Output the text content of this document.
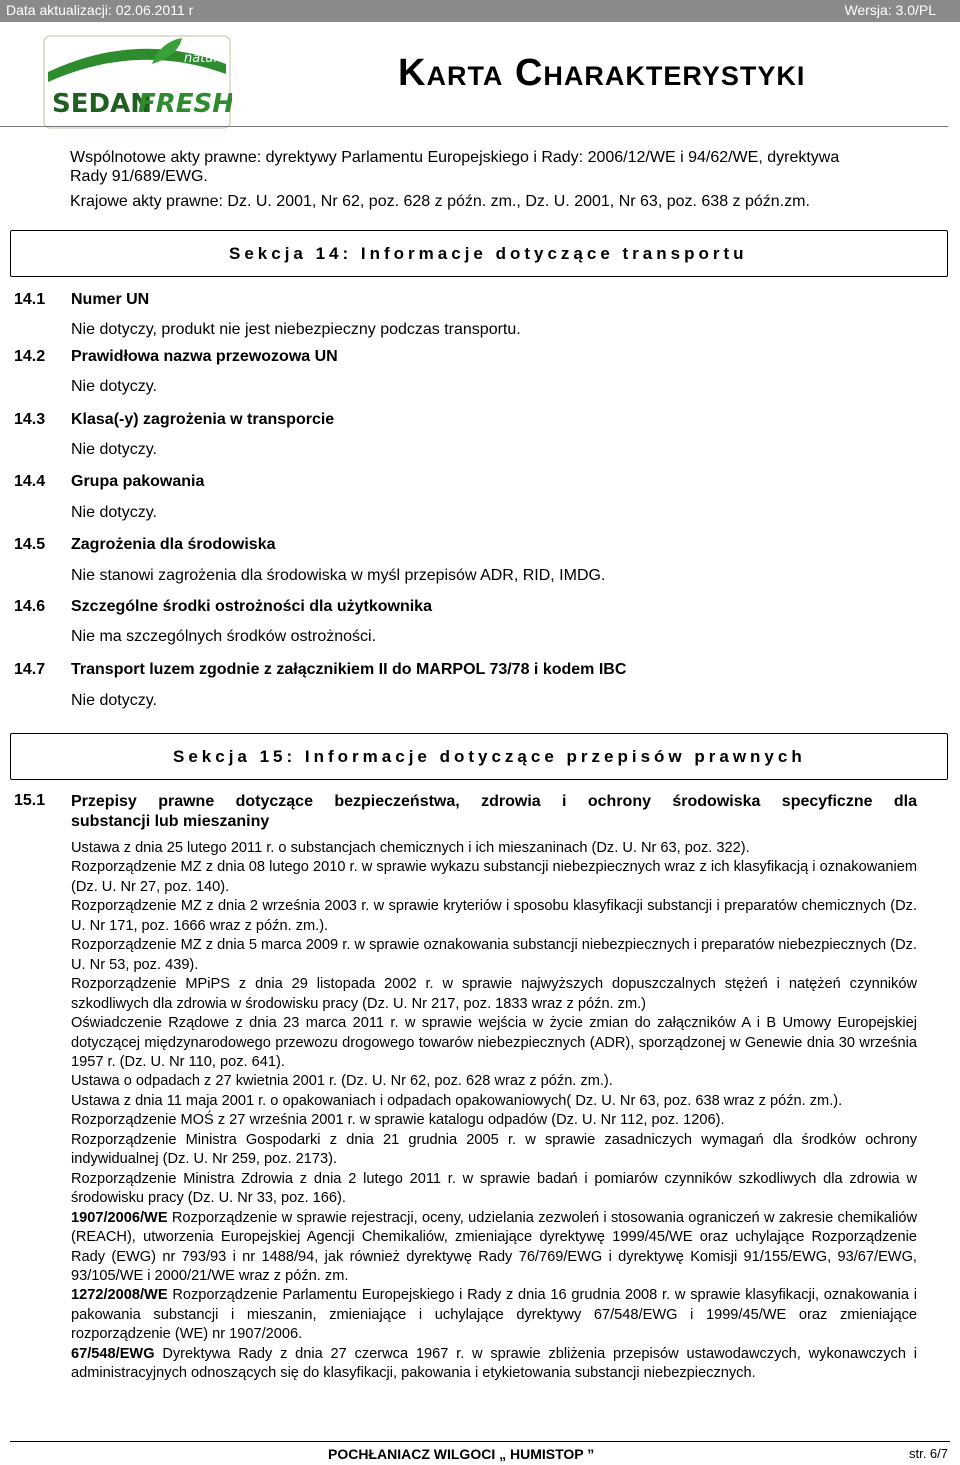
Data aktualizacji: 02.06.2011 r	Wersja: 3.0/PL
natura
SEDAN
FRESH
Karta Charakterystyki
Wspólnotowe akty prawne: dyrektywy Parlamentu Europejskiego i Rady: 2006/12/WE i 94/62/WE, dyrektywa
Rady 91/689/EWG.
Krajowe akty prawne: Dz. U. 2001, Nr 62, poz. 628 z późn. zm., Dz. U. 2001, Nr 63, poz. 638 z późn.zm.
Sekcja 14: Informacje dotyczące transportu
14.1 Numer UN
Nie dotyczy, produkt nie jest niebezpieczny podczas transportu.
14.2 Prawidłowa nazwa przewozowa UN
Nie dotyczy.
14.3 Klasa(-y) zagrożenia w transporcie
Nie dotyczy.
14.4 Grupa pakowania
Nie dotyczy.
14.5 Zagrożenia dla środowiska
Nie stanowi zagrożenia dla środowiska w myśl przepisów ADR, RID, IMDG.
14.6 Szczególne środki ostrożności dla użytkownika
Nie ma szczególnych środków ostrożności.
14.7 Transport luzem zgodnie z załącznikiem II do MARPOL 73/78 i kodem IBC
Nie dotyczy.
Sekcja 15: Informacje dotyczące przepisów prawnych
15.1 Przepisy prawne dotyczące bezpieczeństwa, zdrowia i ochrony środowiska specyficzne dla
substancji lub mieszaniny

Ustawa z dnia 25 lutego 2011 r. o substancjach chemicznych i ich mieszaninach (Dz. U. Nr 63, poz. 322).

Rozporządzenie MZ z dnia 08 lutego 2010 r. w sprawie wykazu substancji niebezpiecznych wraz z ich klasyfikacją i oznakowaniem (Dz. U. Nr 27, poz. 140).

Rozporządzenie MZ z dnia 2 września 2003 r. w sprawie kryteriów i sposobu klasyfikacji substancji i preparatów chemicznych (Dz. U. Nr 171, poz. 1666 wraz z późn. zm.).

Rozporządzenie MZ z dnia 5 marca 2009 r. w sprawie oznakowania substancji niebezpiecznych i preparatów niebezpiecznych (Dz. U. Nr 53, poz. 439).

Rozporządzenie MPiPS z dnia 29 listopada 2002 r. w sprawie najwyższych dopuszczalnych stężeń i natężeń czynników szkodliwych dla zdrowia w środowisku pracy (Dz. U. Nr 217, poz. 1833 wraz z późn. zm.)

Oświadczenie Rządowe z dnia 23 marca 2011 r. w sprawie wejścia w życie zmian do załączników A i B Umowy Europejskiej dotyczącej międzynarodowego przewozu drogowego towarów niebezpiecznych (ADR), sporządzonej w Genewie dnia 30 września 1957 r. (Dz. U. Nr 110, poz. 641).

Ustawa o odpadach z 27 kwietnia 2001 r. (Dz. U. Nr 62, poz. 628 wraz z późn. zm.).

Ustawa z dnia 11 maja 2001 r. o opakowaniach i odpadach opakowaniowych( Dz. U. Nr 63, poz. 638 wraz z późn. zm.).

Rozporządzenie MOŚ z 27 września 2001 r. w sprawie katalogu odpadów (Dz. U. Nr 112, poz. 1206).

Rozporządzenie Ministra Gospodarki z dnia 21 grudnia 2005 r. w sprawie zasadniczych wymagań dla środków ochrony indywidualnej (Dz. U. Nr 259, poz. 2173).

Rozporządzenie Ministra Zdrowia z dnia 2 lutego 2011 r. w sprawie badań i pomiarów czynników szkodliwych dla zdrowia w środowisku pracy (Dz. U. Nr 33, poz. 166).

1907/2006/WE Rozporządzenie w sprawie rejestracji, oceny, udzielania zezwoleń i stosowania ograniczeń w zakresie chemikaliów (REACH), utworzenia Europejskiej Agencji Chemikaliów, zmieniające dyrektywę 1999/45/WE oraz uchylające Rozporządzenie Rady (EWG) nr 793/93 i nr 1488/94, jak również dyrektywę Rady 76/769/EWG i dyrektywę Komisji 91/155/EWG, 93/67/EWG, 93/105/WE i 2000/21/WE wraz z późn. zm.

1272/2008/WE Rozporządzenie Parlamentu Europejskiego i Rady z dnia 16 grudnia 2008 r. w sprawie klasyfikacji, oznakowania i pakowania substancji i mieszanin, zmieniające i uchylające dyrektywy 67/548/EWG i 1999/45/WE oraz zmieniające rozporządzenie (WE) nr 1907/2006.

67/548/EWG Dyrektywa Rady z dnia 27 czerwca 1967 r. w sprawie zbliżenia przepisów ustawodawczych, wykonawczych i administracyjnych odnoszących się do klasyfikacji, pakowania i etykietowania substancji niebezpiecznych.

POCHŁANIACZ WILGOCI „ HUMISTOP ”	str. 6/7
